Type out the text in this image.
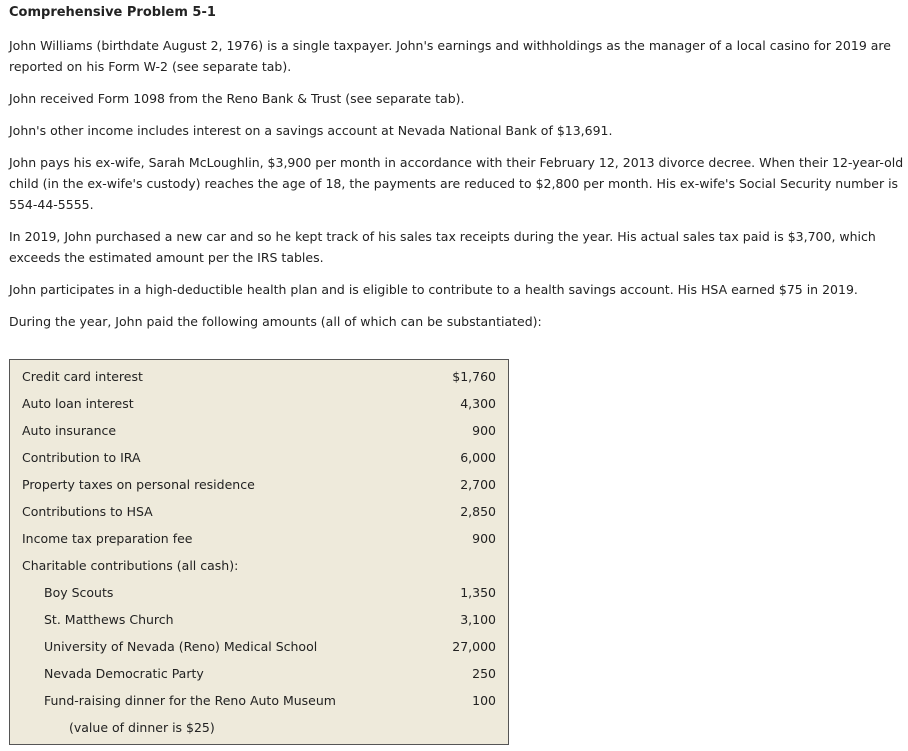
Comprehensive Problem 5-1

John Williams (birthdate August 2, 1976) is a single taxpayer. John's earnings and withholdings as the manager of a local casino for 2019 are reported on his Form W-2 (see separate tab).

John received Form 1098 from the Reno Bank & Trust (see separate tab).

John's other income includes interest on a savings account at Nevada National Bank of $13,691.

John pays his ex-wife, Sarah McLoughlin, $3,900 per month in accordance with their February 12, 2013 divorce decree. When their 12-year-old child (in the ex-wife's custody) reaches the age of 18, the payments are reduced to $2,800 per month. His ex-wife's Social Security number is 554-44-5555.

In 2019, John purchased a new car and so he kept track of his sales tax receipts during the year. His actual sales tax paid is $3,700, which exceeds the estimated amount per the IRS tables.

John participates in a high-deductible health plan and is eligible to contribute to a health savings account. His HSA earned $75 in 2019.

During the year, John paid the following amounts (all of which can be substantiated):

Credit card interest	$1,760
Auto loan interest	4,300
Auto insurance	900
Contribution to IRA	6,000
Property taxes on personal residence	2,700
Contributions to HSA	2,850
Income tax preparation fee	900
Charitable contributions (all cash):
Boy Scouts	1,350
St. Matthews Church	3,100
University of Nevada (Reno) Medical School	27,000
Nevada Democratic Party	250
Fund-raising dinner for the Reno Auto Museum	100
(value of dinner is $25)
